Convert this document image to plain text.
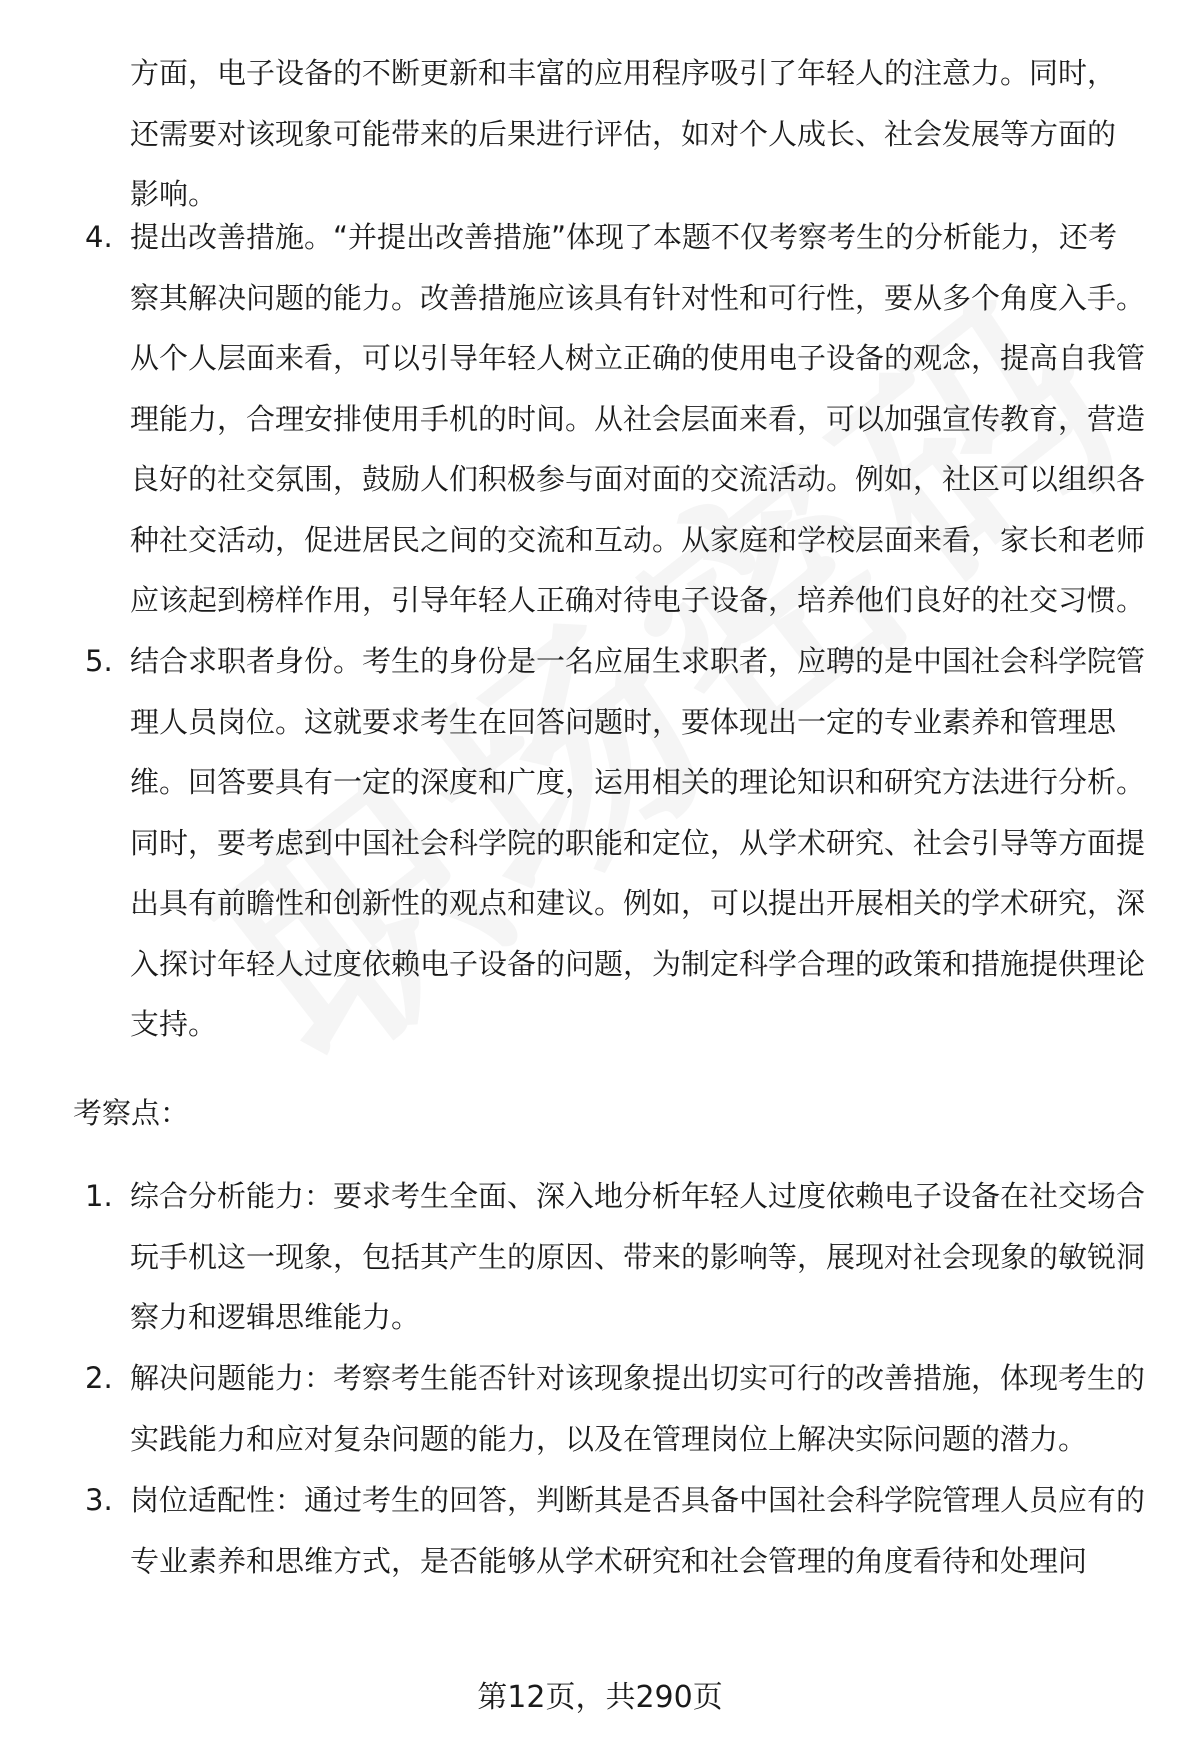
方面，电子设备的不断更新和丰富的应用程序吸引了年轻人的注意力。同时，还需要对该现象可能带来的后果进行评估，如对个人成长、社会发展等方面的影响。
4. 提出改善措施。“并提出改善措施”体现了本题不仅考察考生的分析能力，还考察其解决问题的能力。改善措施应该具有针对性和可行性，要从多个角度入手。从个人层面来看，可以引导年轻人树立正确的使用电子设备的观念，提高自我管理能力，合理安排使用手机的时间。从社会层面来看，可以加强宣传教育，营造良好的社交氛围，鼓励人们积极参与面对面的交流活动。例如，社区可以组织各种社交活动，促进居民之间的交流和互动。从家庭和学校层面来看，家长和老师应该起到榜样作用，引导年轻人正确对待电子设备，培养他们良好的社交习惯。
5. 结合求职者身份。考生的身份是一名应届生求职者，应聘的是中国社会科学院管理人员岗位。这就要求考生在回答问题时，要体现出一定的专业素养和管理思维。回答要具有一定的深度和广度，运用相关的理论知识和研究方法进行分析。同时，要考虑到中国社会科学院的职能和定位，从学术研究、社会引导等方面提出具有前瞻性和创新性的观点和建议。例如，可以提出开展相关的学术研究，深入探讨年轻人过度依赖电子设备的问题，为制定科学合理的政策和措施提供理论支持。
考察点：
1. 综合分析能力：要求考生全面、深入地分析年轻人过度依赖电子设备在社交场合玩手机这一现象，包括其产生的原因、带来的影响等，展现对社会现象的敏锐洞察力和逻辑思维能力。
2. 解决问题能力：考察考生能否针对该现象提出切实可行的改善措施，体现考生的实践能力和应对复杂问题的能力，以及在管理岗位上解决实际问题的潜力。
3. 岗位适配性：通过考生的回答，判断其是否具备中国社会科学院管理人员应有的专业素养和思维方式，是否能够从学术研究和社会管理的角度看待和处理问
第12页，共290页
